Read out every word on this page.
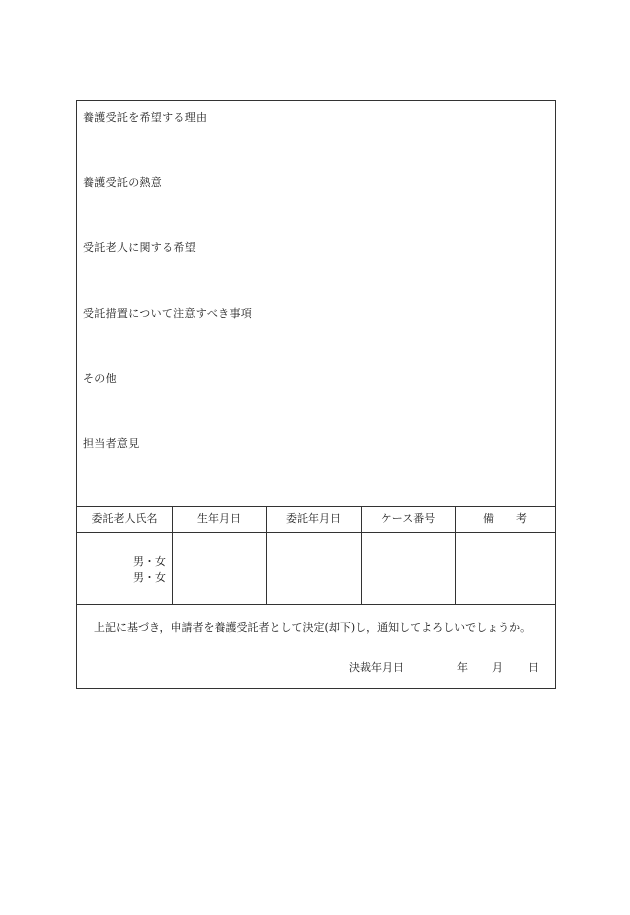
養護受託を希望する理由
養護受託の熱意
受託老人に関する希望
受託措置について注意すべき事項
その他
担当者意見
委託老人氏名	生年月日	委託年月日	ケース番号	備　　考
男・女
男・女
上記に基づき，申請者を養護受託者として決定(却下)し，通知してよろしいでしょうか。
決裁年月日	年 月 日
